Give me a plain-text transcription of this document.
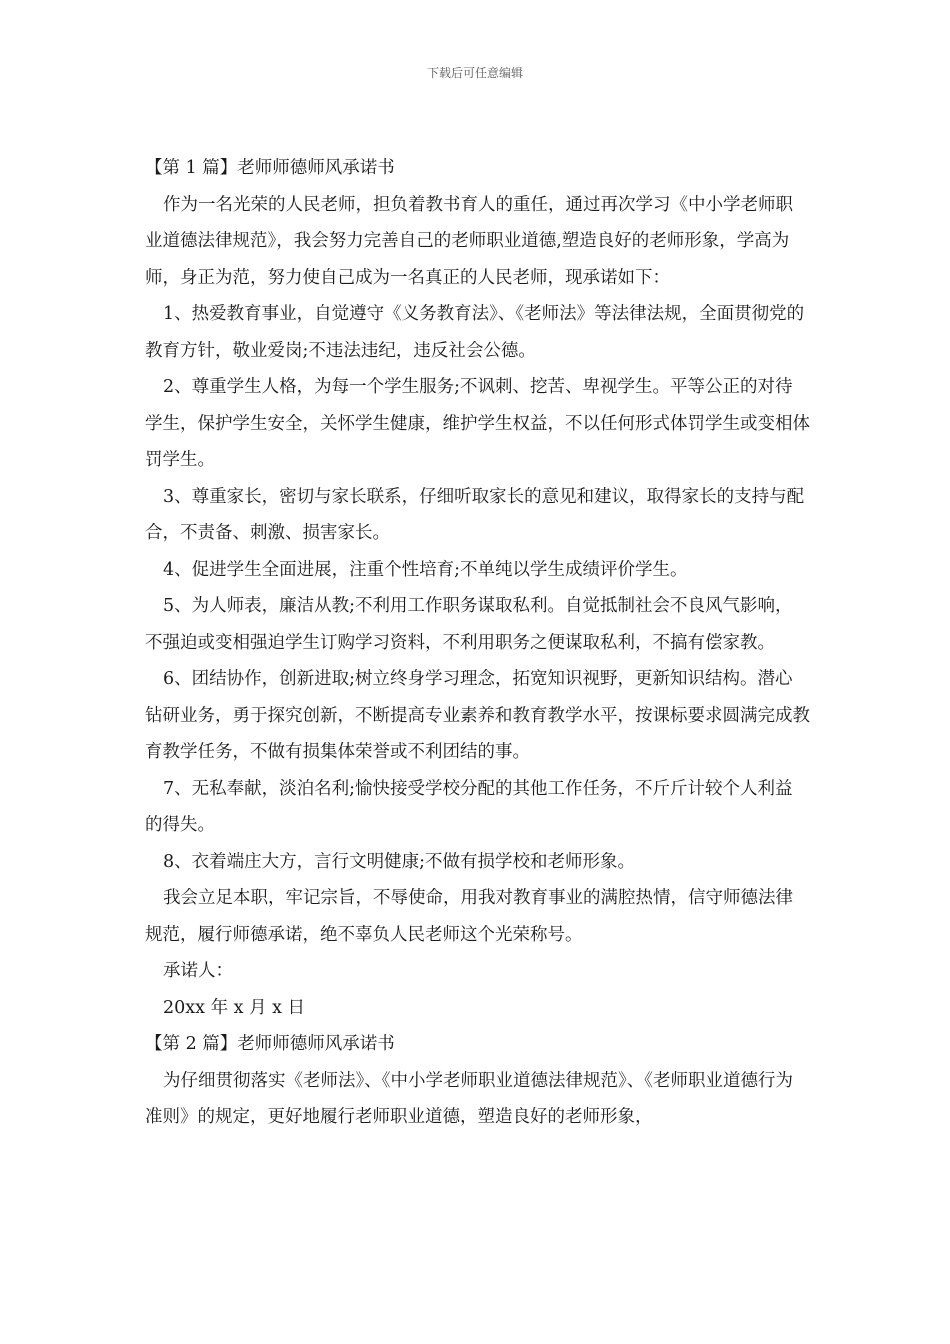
下载后可任意编辑

【第 1 篇】老师师德师风承诺书

作为一名光荣的人民老师，担负着教书育人的重任，通过再次学习《中小学老师职业道德法律规范》，我会努力完善自己的老师职业道德,塑造良好的老师形象，学高为师，身正为范，努力使自己成为一名真正的人民老师，现承诺如下：

1、热爱教育事业，自觉遵守《义务教育法》、《老师法》等法律法规，全面贯彻党的教育方针，敬业爱岗;不违法违纪，违反社会公德。

2、尊重学生人格，为每一个学生服务;不讽刺、挖苦、卑视学生。平等公正的对待学生，保护学生安全，关怀学生健康，维护学生权益，不以任何形式体罚学生或变相体罚学生。

3、尊重家长，密切与家长联系，仔细听取家长的意见和建议，取得家长的支持与配合，不责备、刺激、损害家长。

4、促进学生全面进展，注重个性培育;不单纯以学生成绩评价学生。

5、为人师表，廉洁从教;不利用工作职务谋取私利。自觉抵制社会不良风气影响，不强迫或变相强迫学生订购学习资料，不利用职务之便谋取私利，不搞有偿家教。

6、团结协作，创新进取;树立终身学习理念，拓宽知识视野，更新知识结构。潜心钻研业务，勇于探究创新，不断提高专业素养和教育教学水平，按课标要求圆满完成教育教学任务，不做有损集体荣誉或不利团结的事。

7、无私奉献，淡泊名利;愉快接受学校分配的其他工作任务，不斤斤计较个人利益的得失。

8、衣着端庄大方，言行文明健康;不做有损学校和老师形象。

我会立足本职，牢记宗旨，不辱使命，用我对教育事业的满腔热情，信守师德法律规范，履行师德承诺，绝不辜负人民老师这个光荣称号。

承诺人：

20xx 年 x 月 x 日

【第 2 篇】老师师德师风承诺书

为仔细贯彻落实《老师法》、《中小学老师职业道德法律规范》、《老师职业道德行为准则》的规定，更好地履行老师职业道德，塑造良好的老师形象，
